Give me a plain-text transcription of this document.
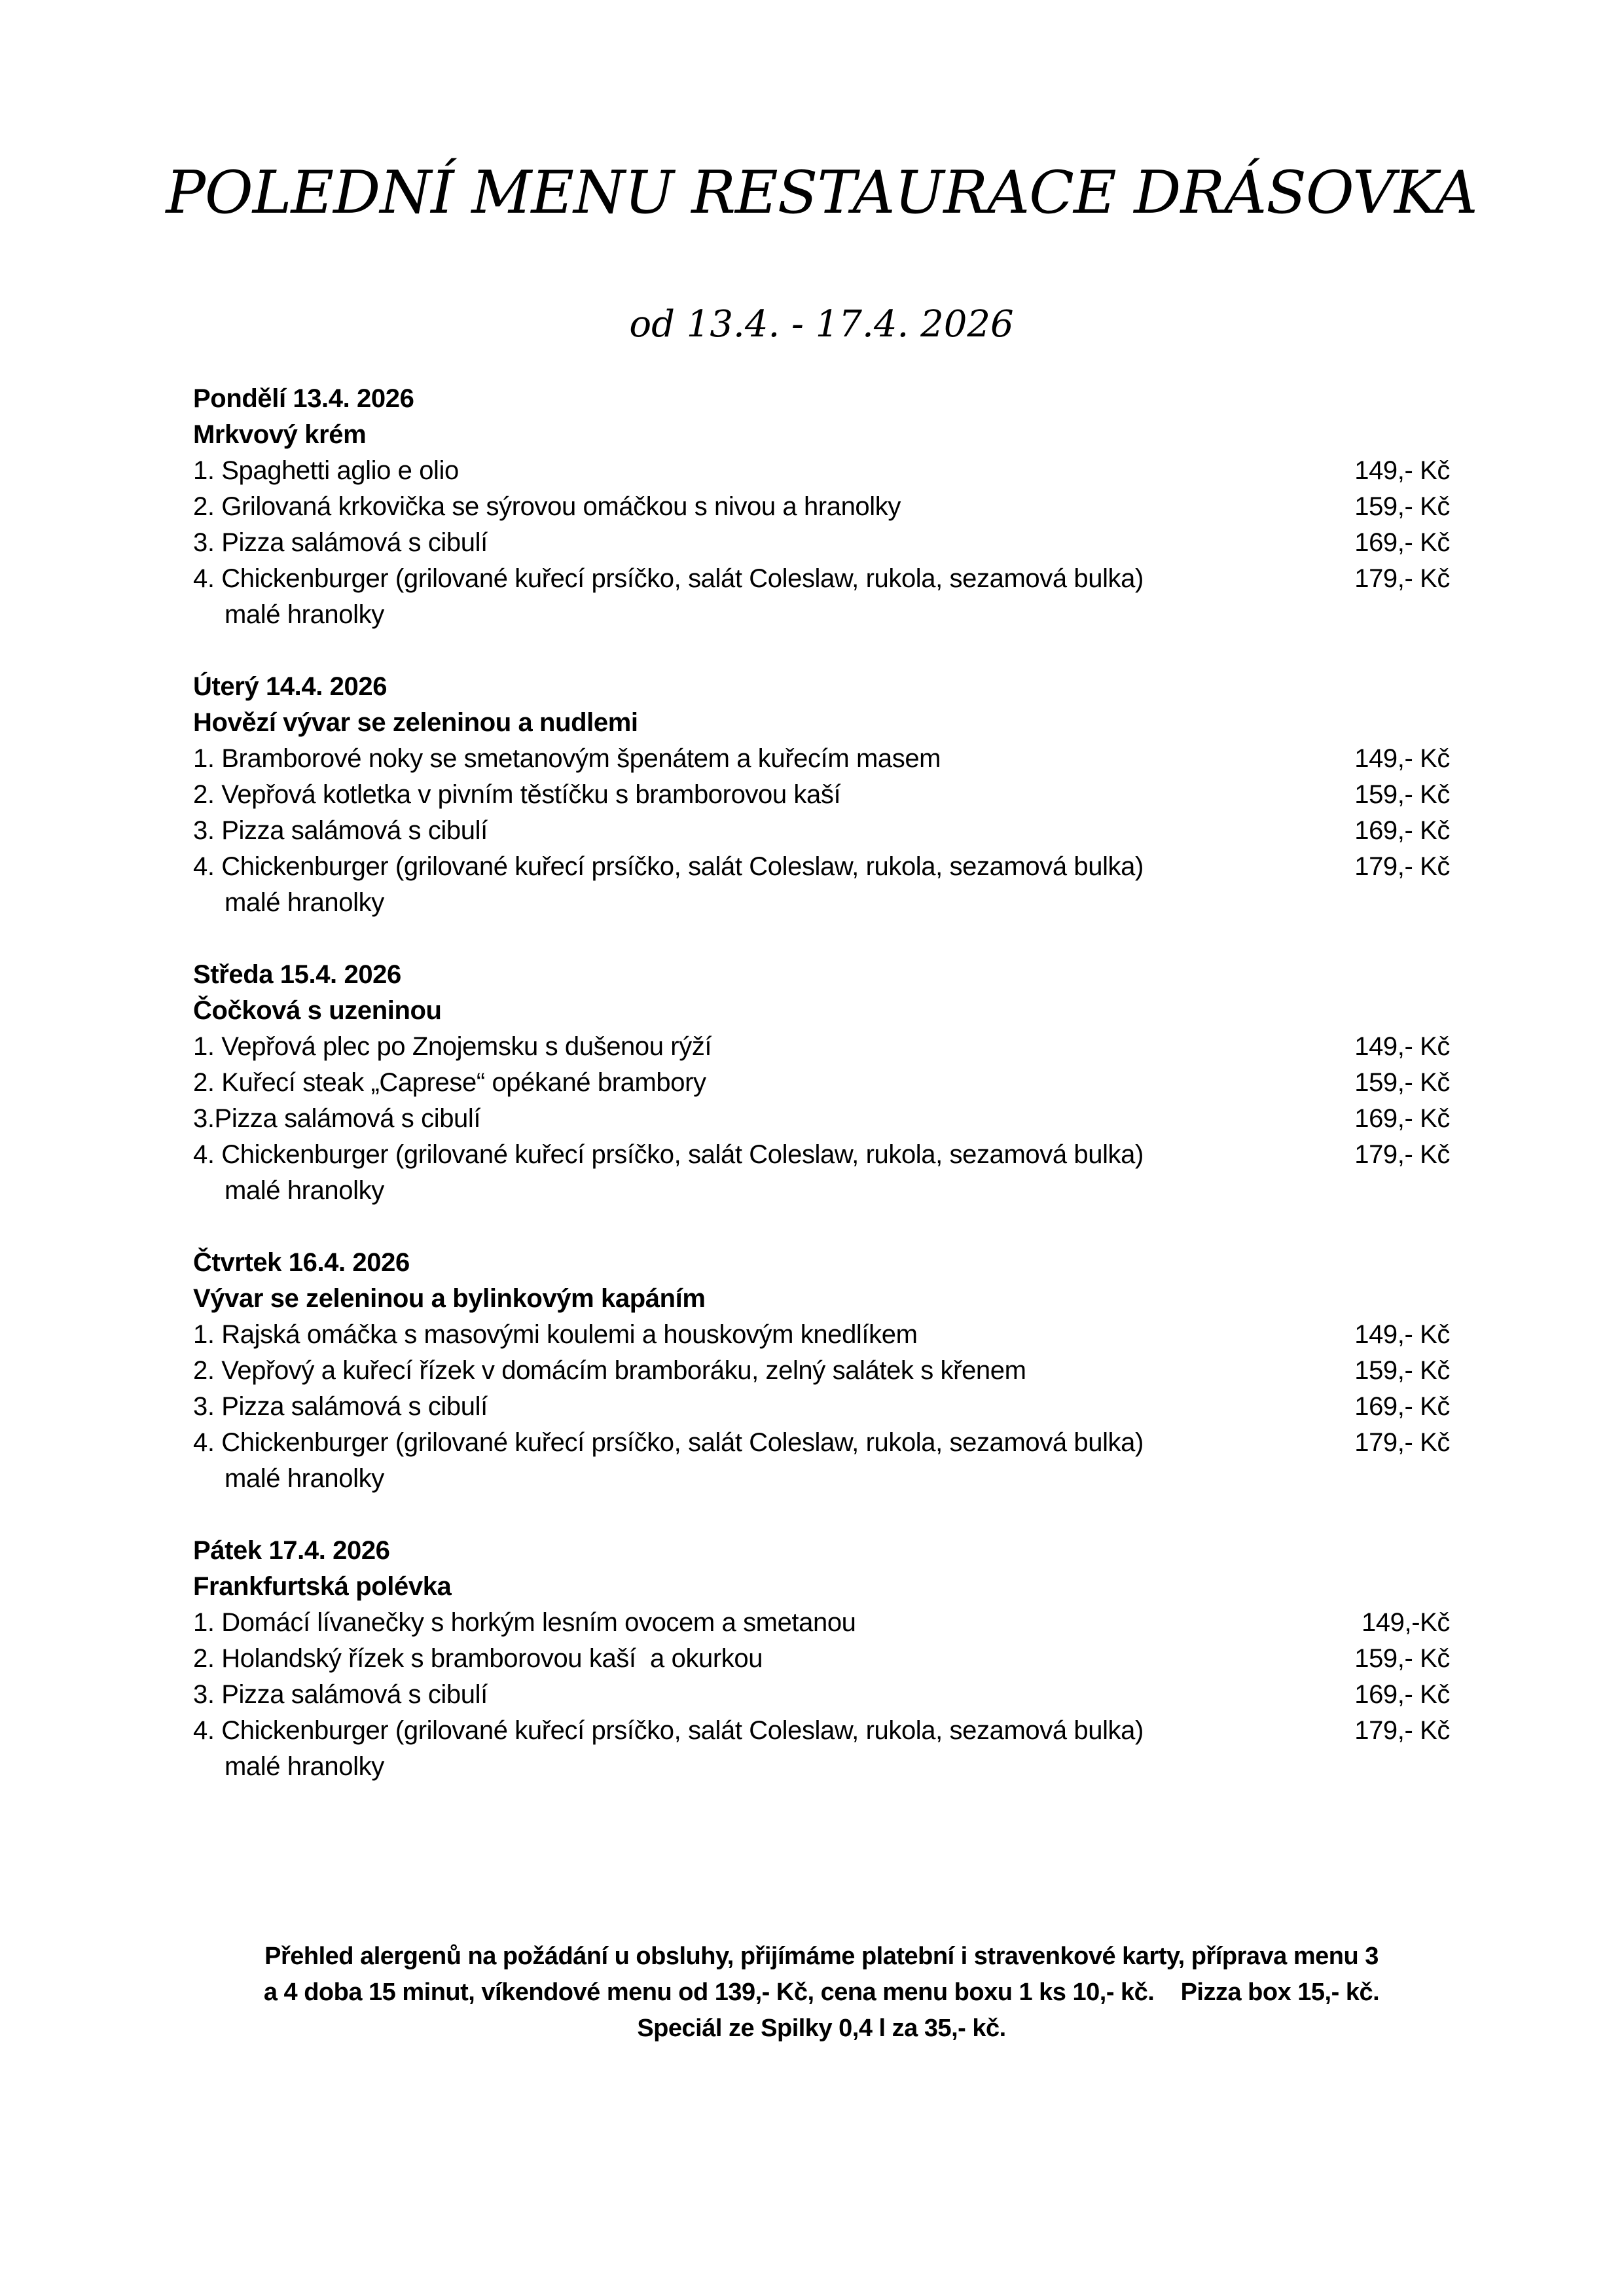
POLEDNÍ MENU RESTAURACE DRÁSOVKA
od 13.4. - 17.4. 2026
Pondělí 13.4. 2026
Mrkvový krém
1. Spaghetti aglio e olio	149,- Kč
2. Grilovaná krkovička se sýrovou omáčkou s nivou a hranolky	159,- Kč
3. Pizza salámová s cibulí	169,- Kč
4. Chickenburger (grilované kuřecí prsíčko, salát Coleslaw, rukola, sezamová bulka)	179,- Kč
malé hranolky
Úterý 14.4. 2026
Hovězí vývar se zeleninou a nudlemi
1. Bramborové noky se smetanovým špenátem a kuřecím masem	149,- Kč
2. Vepřová kotletka v pivním těstíčku s bramborovou kaší	159,- Kč
3. Pizza salámová s cibulí	169,- Kč
4. Chickenburger (grilované kuřecí prsíčko, salát Coleslaw, rukola, sezamová bulka)	179,- Kč
malé hranolky
Středa 15.4. 2026
Čočková s uzeninou
1. Vepřová plec po Znojemsku s dušenou rýží	149,- Kč
2. Kuřecí steak „Caprese“ opékané brambory	159,- Kč
3.Pizza salámová s cibulí	169,- Kč
4. Chickenburger (grilované kuřecí prsíčko, salát Coleslaw, rukola, sezamová bulka)	179,- Kč
malé hranolky
Čtvrtek 16.4. 2026
Vývar se zeleninou a bylinkovým kapáním
1. Rajská omáčka s masovými koulemi a houskovým knedlíkem	149,- Kč
2. Vepřový a kuřecí řízek v domácím bramboráku, zelný salátek s křenem	159,- Kč
3. Pizza salámová s cibulí	169,- Kč
4. Chickenburger (grilované kuřecí prsíčko, salát Coleslaw, rukola, sezamová bulka)	179,- Kč
malé hranolky
Pátek 17.4. 2026
Frankfurtská polévka
1. Domácí lívanečky s horkým lesním ovocem a smetanou	149,-Kč
2. Holandský řízek s bramborovou kaší  a okurkou	159,- Kč
3. Pizza salámová s cibulí	169,- Kč
4. Chickenburger (grilované kuřecí prsíčko, salát Coleslaw, rukola, sezamová bulka)	179,- Kč
malé hranolky
Přehled alergenů na požádání u obsluhy, přijímáme platební i stravenkové karty, příprava menu 3
a 4 doba 15 minut, víkendové menu od 139,- Kč, cena menu boxu 1 ks 10,- kč.    Pizza box 15,- kč.
Speciál ze Spilky 0,4 l za 35,- kč.
